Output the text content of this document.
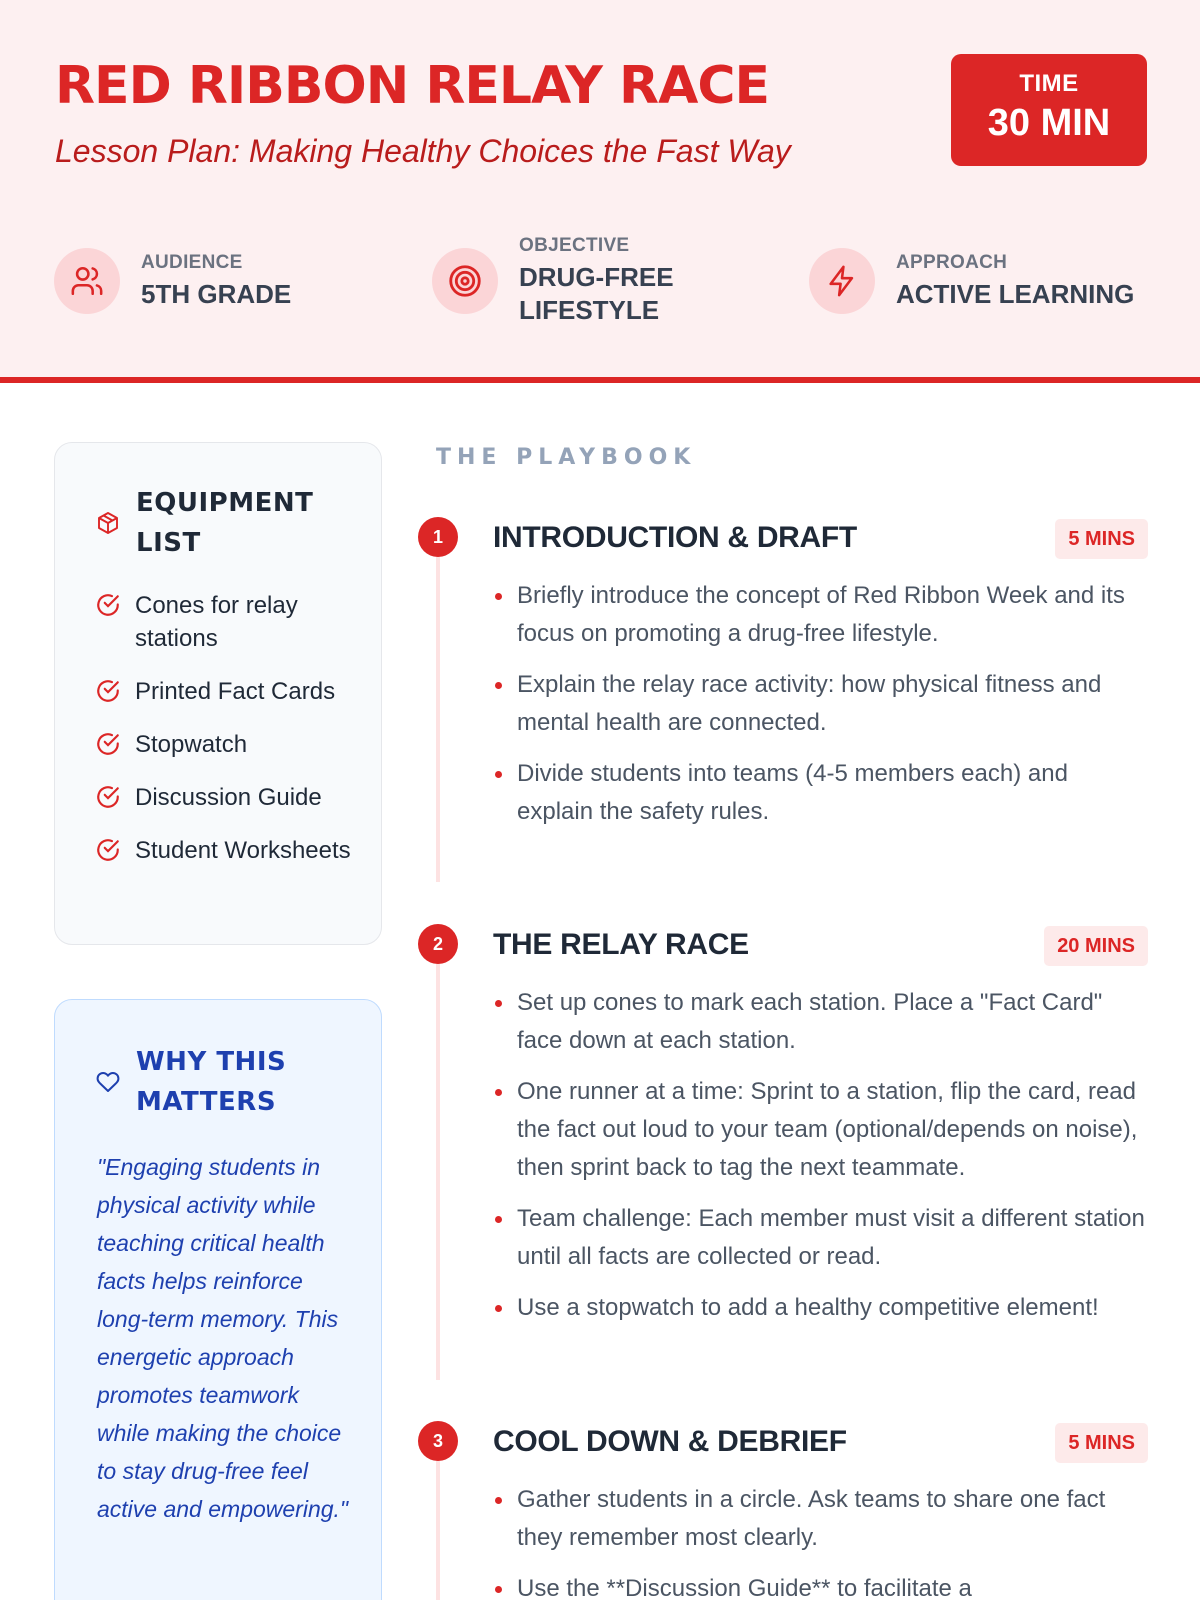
RED RIBBON RELAY RACE
Lesson Plan: Making Healthy Choices the Fast Way
TIME
30 MIN
AUDIENCE
5TH GRADE
OBJECTIVE
DRUG-FREE LIFESTYLE
APPROACH
ACTIVE LEARNING
EQUIPMENT LIST
Cones for relay stations
Printed Fact Cards
Stopwatch
Discussion Guide
Student Worksheets
WHY THIS MATTERS

"Engaging students in physical activity while teaching critical health facts helps reinforce long-term memory. This energetic approach promotes teamwork while making the choice to stay drug-free feel active and empowering."

THE PLAYBOOK
1	INTRODUCTION & DRAFT	5 MINS
Briefly introduce the concept of Red Ribbon Week and its focus on promoting a drug-free lifestyle.
Explain the relay race activity: how physical fitness and mental health are connected.
Divide students into teams (4-5 members each) and explain the safety rules.
2	THE RELAY RACE	20 MINS
Set up cones to mark each station. Place a "Fact Card" face down at each station.
One runner at a time: Sprint to a station, flip the card, read the fact out loud to your team (optional/depends on noise), then sprint back to tag the next teammate.
Team challenge: Each member must visit a different station until all facts are collected or read.
Use a stopwatch to add a healthy competitive element!
3	COOL DOWN & DEBRIEF	5 MINS
Gather students in a circle. Ask teams to share one fact they remember most clearly.
Use the **Discussion Guide** to facilitate a
